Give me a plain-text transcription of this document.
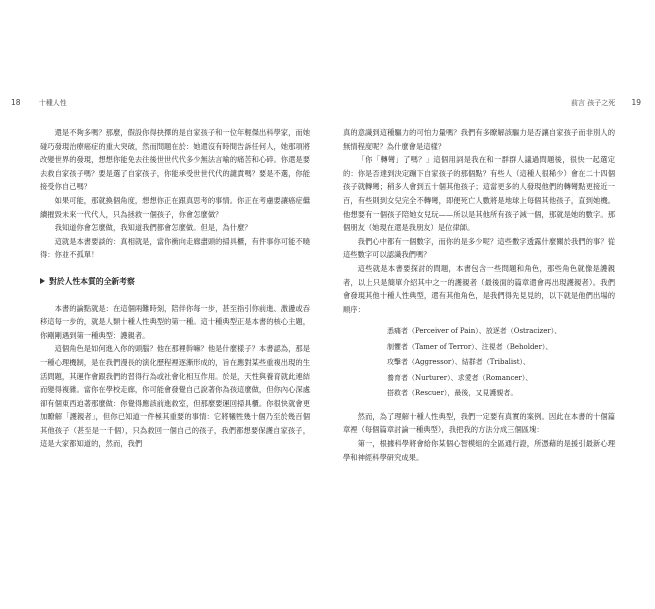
18	十種人性	前言 孩子之死 19

還是不夠多嗎？那麼，假設你得抉擇的是自家孩子和一位年輕傑出科學家，而她碰巧發現治療癌症的重大突破，然而問題在於：她還沒有時間告訴任何人，她那項將改變世界的發現，想想你能免去往後世世代代多少無法言喻的痛苦和心碎。你還是要去救自家孩子嗎？要是選了自家孩子，你能承受世世代代的譴責嗎？要是不選，你能接受你自己嗎？

如果可能，那就換個角度，想想你正在跟真思考的事情。你正在考慮要讓癌症繼續摧毀未來一代代人，只為拯救一個孩子，你會怎麼做？

我知道你會怎麼做，我知道我們都會怎麼做。但是，為什麼？

這就是本書要談的：真相就是，當你衝向走廊盡頭的掃具櫃，有件事你可能不曉得：你並不孤單！

對於人性本質的全新考察

本書的論點就是：在這個兩難時刻，陪伴你每一步，甚至指引你前進、激盪或吞移這每一步的，就是人類十種人性典型的第一種。這十種典型正是本書的核心主題，你剛剛遇到第一種典型：護親者。

這個角色是如何進入你的頭腦？他在那裡幹嘛？他是什麼樣子？本書認為，那是一種心理機制，是在我們漫長的演化歷程裡逐漸形成的，旨在應對某些重複出現的生活問題，其運作會跟我們的習得行為或社會化相互作用。於是，天性與養育就此連結而變得複雜。當你在學校走廊，你可能會發覺自己說著你為孩這麼做，但你內心深處卻有個東西迫著那麼做：你覺得應該前進救室，但那麼要運回掃具櫃。你很快就會更加瞭解「護親者」，但你已知道一件極其重要的事情：它將犧牲幾十個乃至於幾百個其他孩子（甚至是一千個），只為救回一個自己的孩子，我們都想要保護自家孩子，這是大家都知道的，然而，我們

真的意識到這種驅力的可怕力量嗎？我們有多瞭解該驅力是否讓自家孩子而非別人的無情程度呢？為什麼會是這樣？

「你「轉彎」了嗎？」這個用詞是我在和一群群人議過問題後，很快一起選定的：你是否達到決定蹦下自家孩子的那個點？有些人（這種人很稀少）會在二十四個孩子就轉彎；稍多人會到五十個其他孩子；這當更多的人發現他們的轉彎點更接近一百，有些則到女兒完全不轉彎，即便死亡人數將是地球上每個其他孩子，直到她機。他想要有一個孩子陪她女兒玩——所以是其他所有孩子減一個，那就是她的數字。那個朋友（她現在還是我朋友）是位律師。

我們心中都有一個數字，而你的是多少呢？這些數字透露什麼關於我們的事？從這些數字可以認識我們嗎？

這些就是本書要探討的問題，本書包含一些問題和角色，那些角色就像是護親者，以上只是簡單介紹其中之一的護親者（最後面的篇章還會再出現護親者）。我們會發現其他十種人性典型，還有其他角色，是我們得先見見的，以下就是他們出場的順序：

悉痛者（Perceiver of Pain）、放逐者（Ostracizer）、
制懼者（Tamer of Terror）、注視者（Beholder）、
攻擊者（Aggressor）、結群者（Tribalist）、
養育者（Nurturer）、求愛者（Romancer）、
搭救者（Rescuer），最後，又見護親者。

然而，為了理解十種人性典型，我們一定要有真實的案例。因此在本書的十個篇章裡（每個篇章討論一種典型），我把我的方法分成三個區塊：

第一，根據科學將會給你某個心智模組的全區通行證，所憑藉的是援引最新心理學和神經科學研究成果。
